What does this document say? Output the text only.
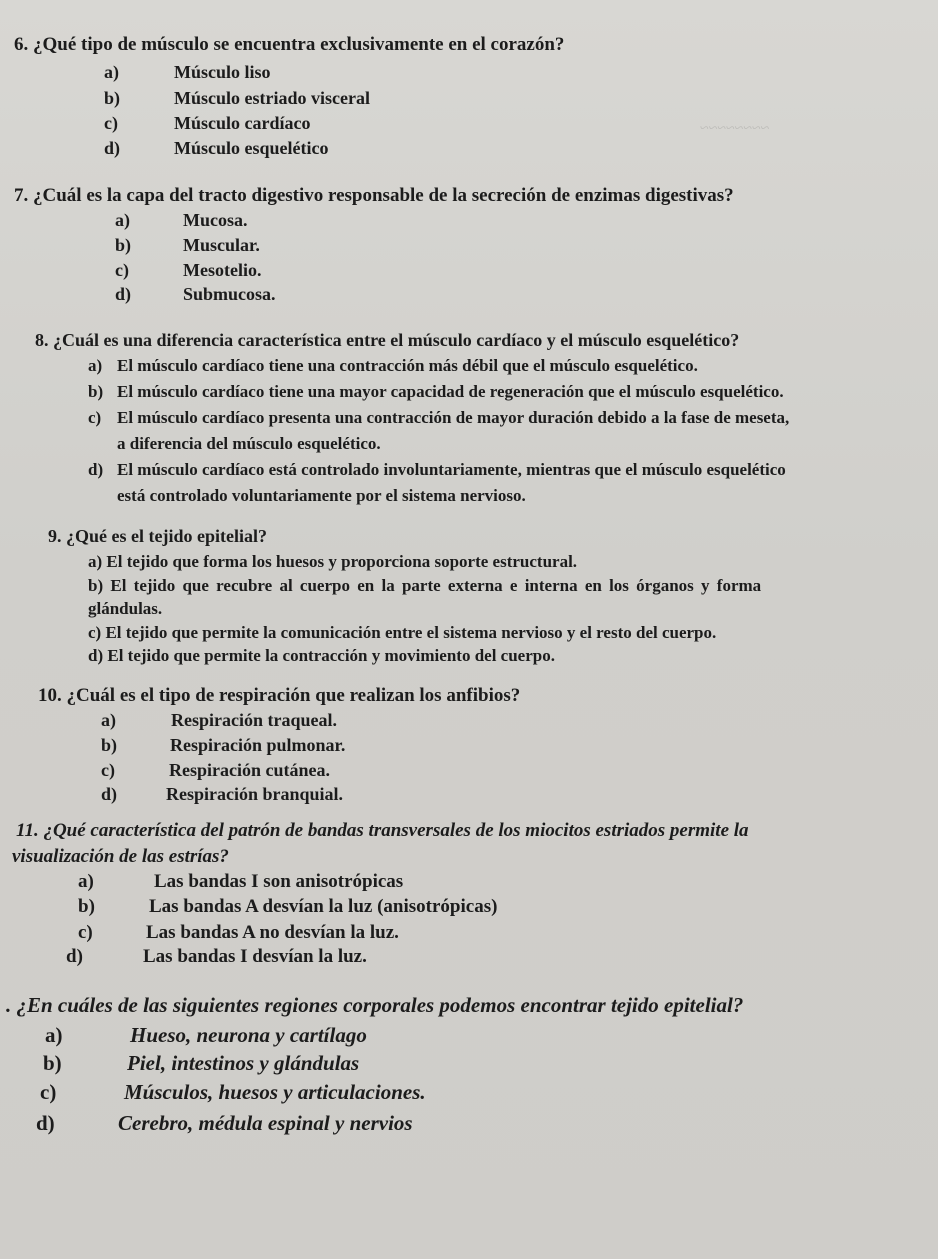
~~~~~~~~
6. ¿Qué tipo de músculo se encuentra exclusivamente en el corazón?
a)	Músculo liso
b)	Músculo estriado visceral
c)	Músculo cardíaco
d)	Músculo esquelético
7. ¿Cuál es la capa del tracto digestivo responsable de la secreción de enzimas digestivas?
a)	Mucosa.
b)	Muscular.
c)	Mesotelio.
d)	Submucosa.
8. ¿Cuál es una diferencia característica entre el músculo cardíaco y el músculo esquelético?
a) El músculo cardíaco tiene una contracción más débil que el músculo esquelético.
b) El músculo cardíaco tiene una mayor capacidad de regeneración que el músculo esquelético.
c) El músculo cardíaco presenta una contracción de mayor duración debido a la fase de meseta,
a diferencia del músculo esquelético.
d) El músculo cardíaco está controlado involuntariamente, mientras que el músculo esquelético
está controlado voluntariamente por el sistema nervioso.
9. ¿Qué es el tejido epitelial?
a) El tejido que forma los huesos y proporciona soporte estructural.
b) El tejido que recubre al cuerpo en la parte externa e interna en los órganos y forma
glándulas.
c) El tejido que permite la comunicación entre el sistema nervioso y el resto del cuerpo.
d) El tejido que permite la contracción y movimiento del cuerpo.
10. ¿Cuál es el tipo de respiración que realizan los anfibios?
a)	Respiración traqueal.
b)	Respiración pulmonar.
c)	Respiración cutánea.
d)	Respiración branquial.
11. ¿Qué característica del patrón de bandas transversales de los miocitos estriados permite la
visualización de las estrías?
a)	Las bandas I son anisotrópicas
b)	Las bandas A desvían la luz (anisotrópicas)
c)	Las bandas A no desvían la luz.
d)	Las bandas I desvían la luz.
. ¿En cuáles de las siguientes regiones corporales podemos encontrar tejido epitelial?
a)	Hueso, neurona y cartílago
b)	Piel, intestinos y glándulas
c)	Músculos, huesos y articulaciones.
d)	Cerebro, médula espinal y nervios
